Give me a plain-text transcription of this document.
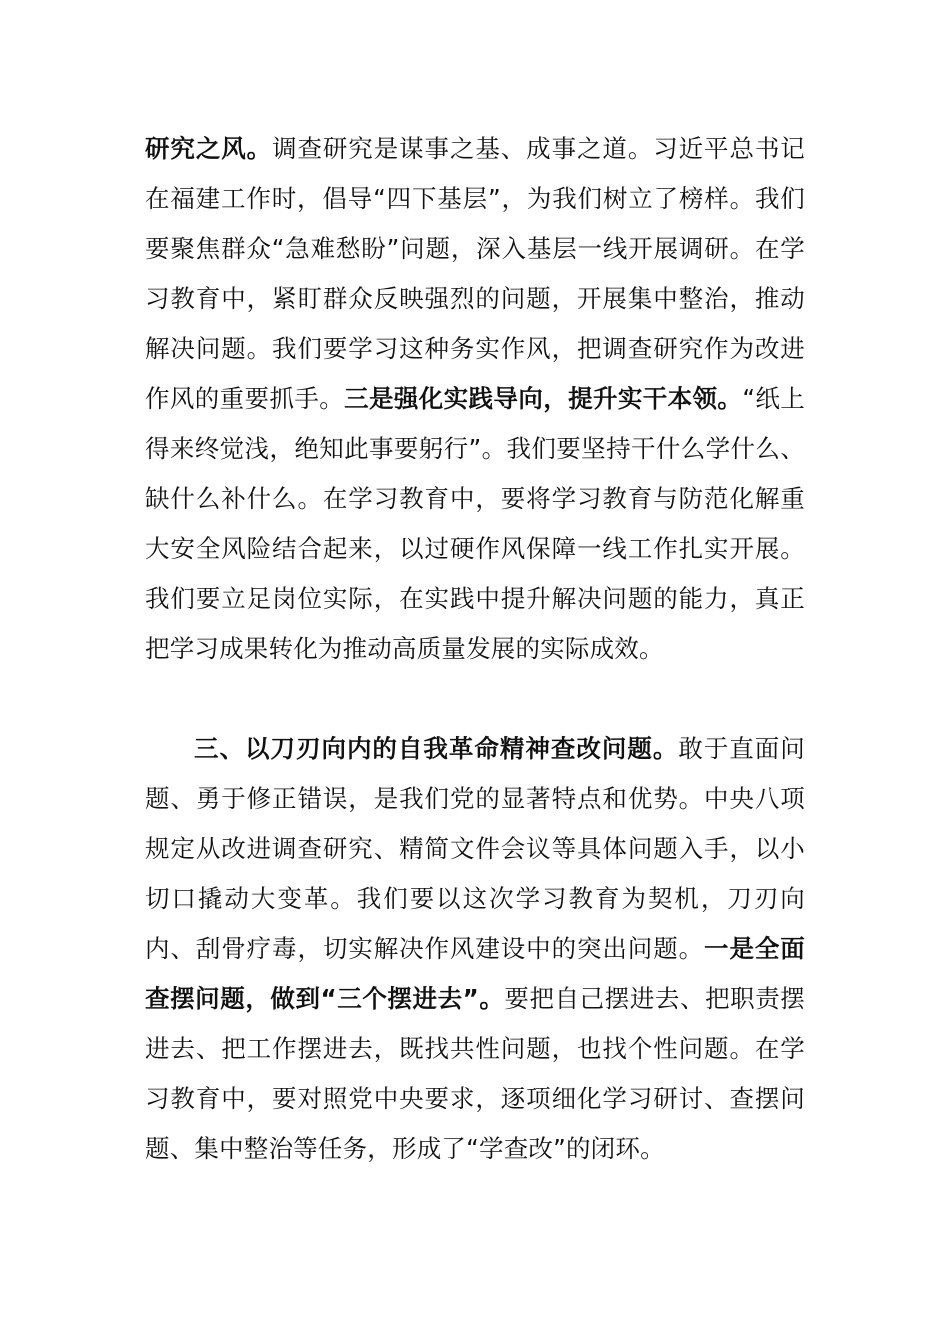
研究之风。调查研究是谋事之基、成事之道。习近平总书记在福建工作时，倡导“四下基层”，为我们树立了榜样。我们要聚焦群众“急难愁盼”问题，深入基层一线开展调研。在学习教育中，紧盯群众反映强烈的问题，开展集中整治，推动解决问题。我们要学习这种务实作风，把调查研究作为改进作风的重要抓手。三是强化实践导向，提升实干本领。“纸上得来终觉浅，绝知此事要躬行”。我们要坚持干什么学什么、缺什么补什么。在学习教育中，要将学习教育与防范化解重大安全风险结合起来，以过硬作风保障一线工作扎实开展。我们要立足岗位实际，在实践中提升解决问题的能力，真正把学习成果转化为推动高质量发展的实际成效。

三、以刀刃向内的自我革命精神查改问题。敢于直面问题、勇于修正错误，是我们党的显著特点和优势。中央八项规定从改进调查研究、精简文件会议等具体问题入手，以小切口撬动大变革。我们要以这次学习教育为契机，刀刃向内、刮骨疗毒，切实解决作风建设中的突出问题。一是全面查摆问题，做到“三个摆进去”。要把自己摆进去、把职责摆进去、把工作摆进去，既找共性问题，也找个性问题。在学习教育中，要对照党中央要求，逐项细化学习研讨、查摆问题、集中整治等任务，形成了“学查改”的闭环。
